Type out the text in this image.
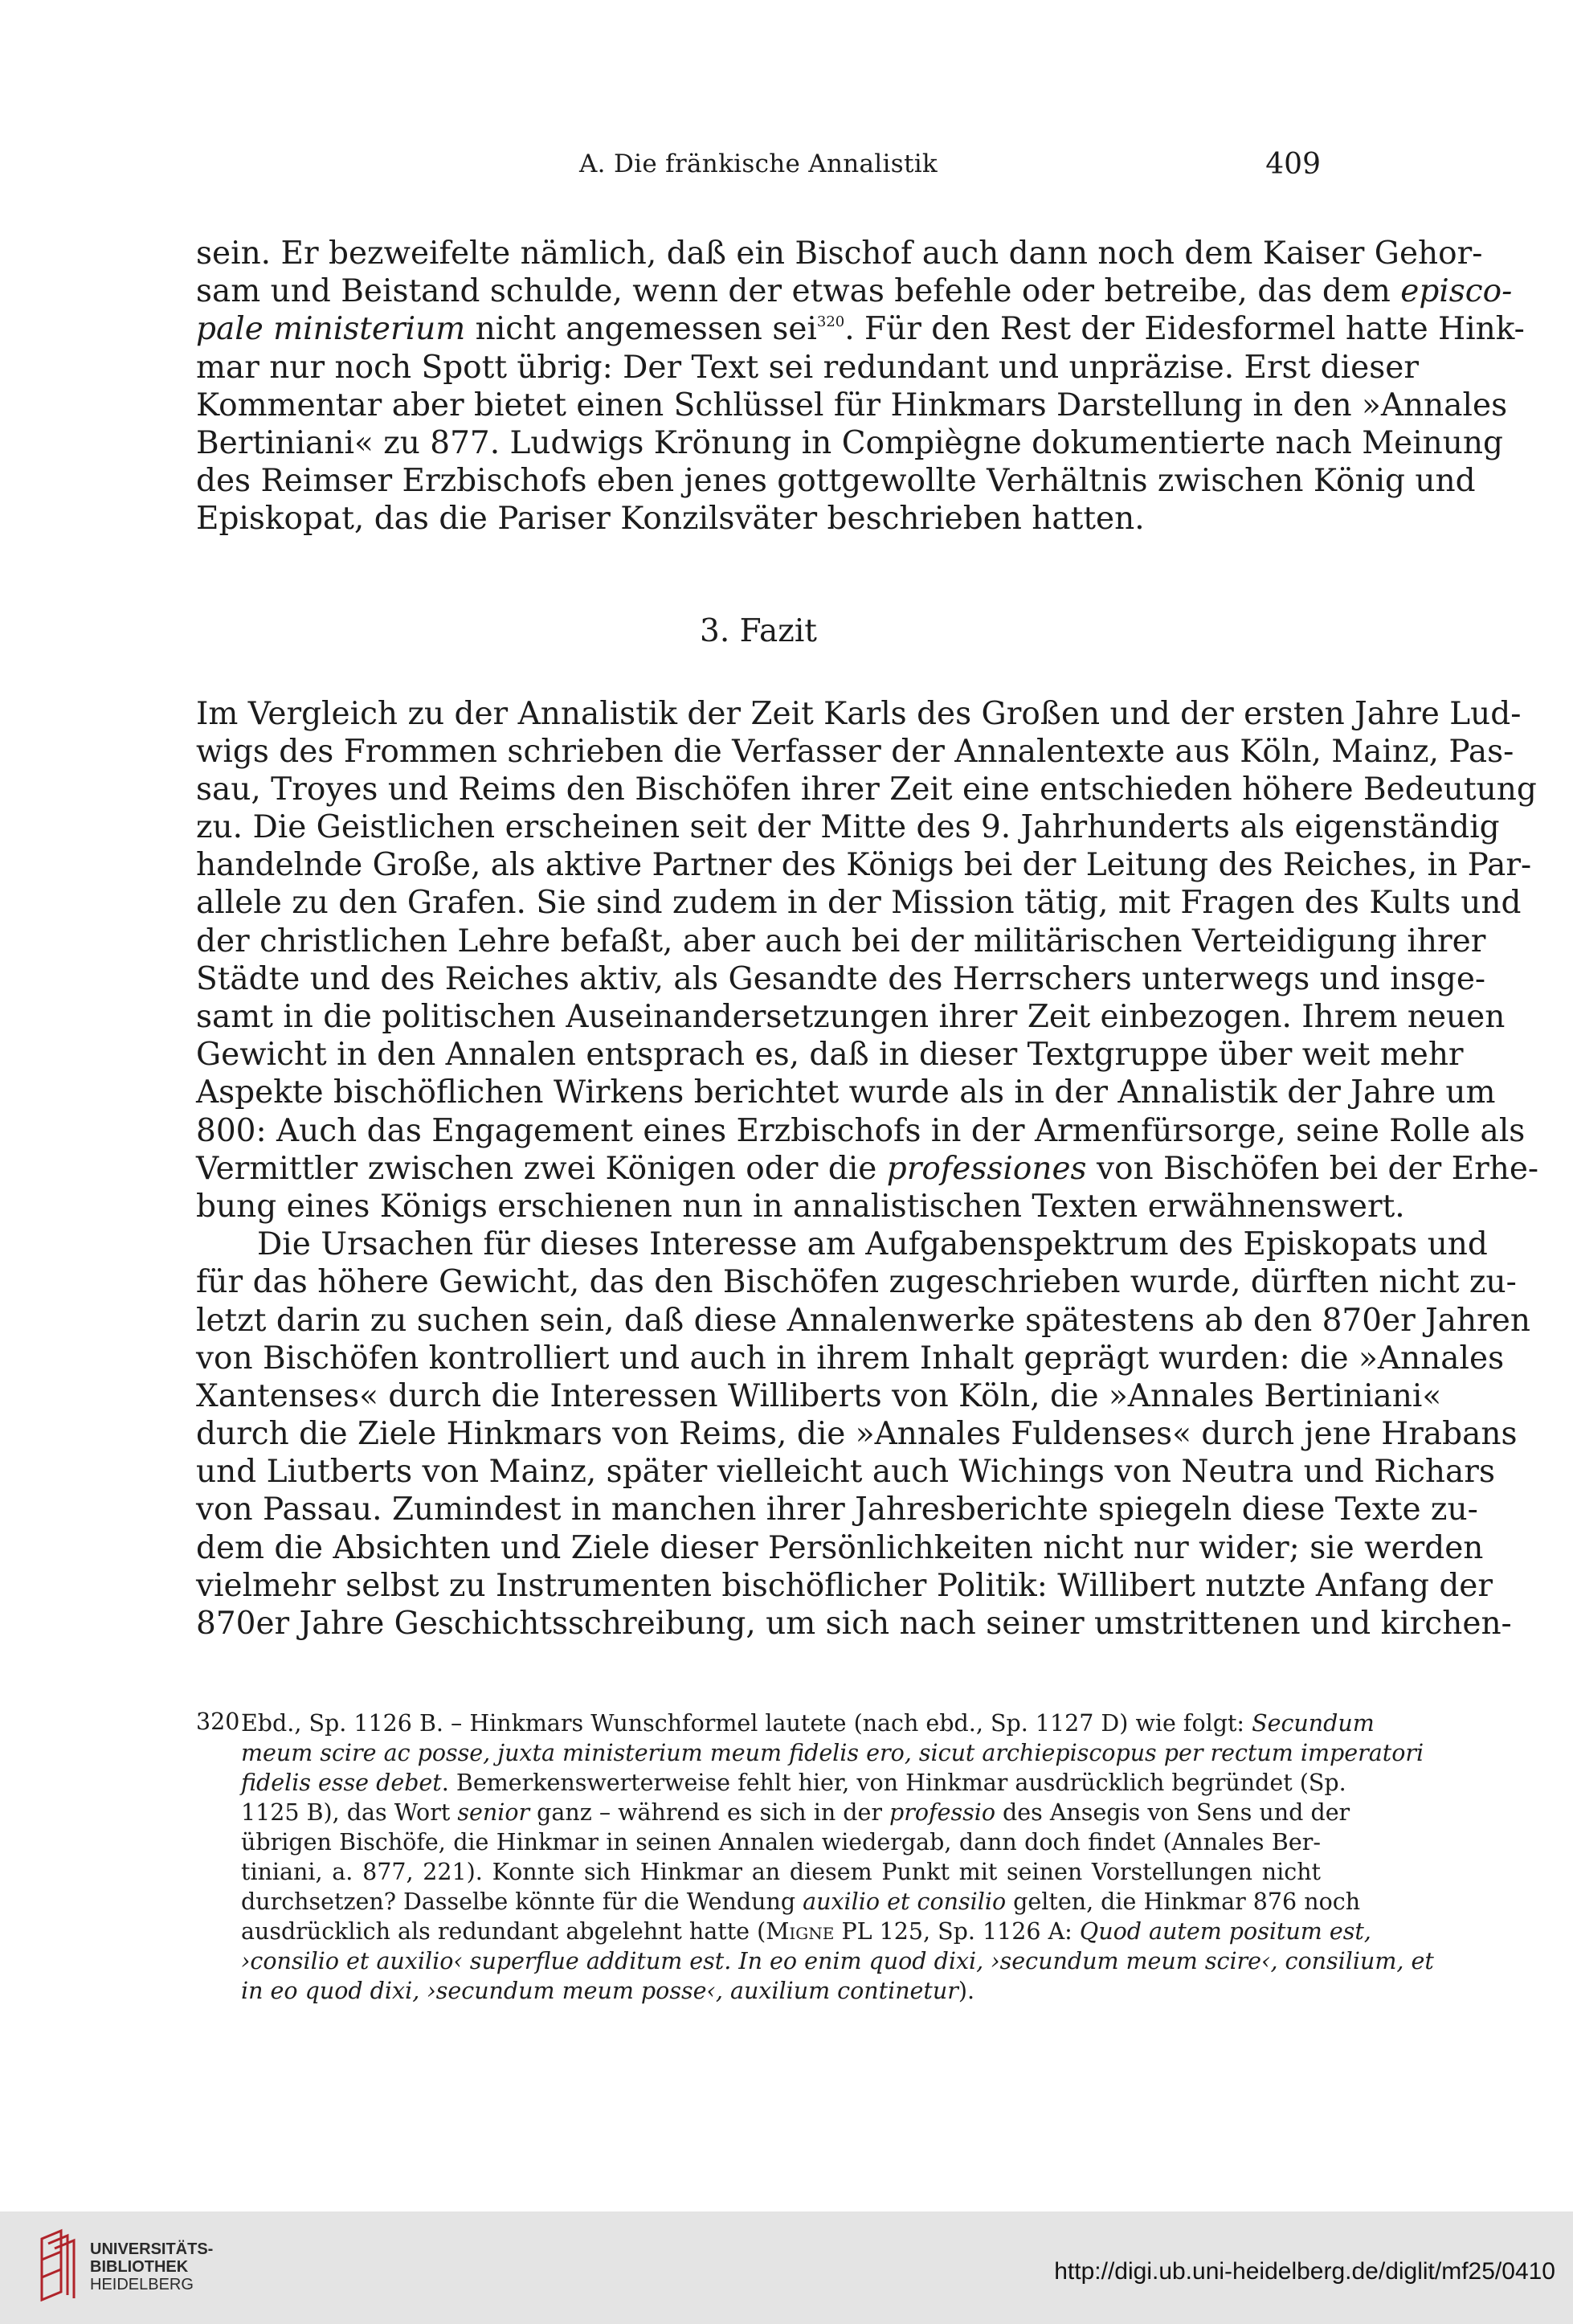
A. Die fränkische Annalistik	409
sein. Er bezweifelte nämlich, daß ein Bischof auch dann noch dem Kaiser Gehor-
sam und Beistand schulde, wenn der etwas befehle oder betreibe, das dem episco-
pale ministerium nicht angemessen sei$^{320}$. Für den Rest der Eidesformel hatte Hink-
mar nur noch Spott übrig: Der Text sei redundant und unpräzise. Erst dieser
Kommentar aber bietet einen Schlüssel für Hinkmars Darstellung in den »Annales
Bertiniani« zu 877. Ludwigs Krönung in Compiègne dokumentierte nach Meinung
des Reimser Erzbischofs eben jenes gottgewollte Verhältnis zwischen König und
Episkopat, das die Pariser Konzilsväter beschrieben hatten.
3. Fazit
Im Vergleich zu der Annalistik der Zeit Karls des Großen und der ersten Jahre Lud-
wigs des Frommen schrieben die Verfasser der Annalentexte aus Köln, Mainz, Pas-
sau, Troyes und Reims den Bischöfen ihrer Zeit eine entschieden höhere Bedeutung
zu. Die Geistlichen erscheinen seit der Mitte des 9. Jahrhunderts als eigenständig
handelnde Große, als aktive Partner des Königs bei der Leitung des Reiches, in Par-
allele zu den Grafen. Sie sind zudem in der Mission tätig, mit Fragen des Kults und
der christlichen Lehre befaßt, aber auch bei der militärischen Verteidigung ihrer
Städte und des Reiches aktiv, als Gesandte des Herrschers unterwegs und insge-
samt in die politischen Auseinandersetzungen ihrer Zeit einbezogen. Ihrem neuen
Gewicht in den Annalen entsprach es, daß in dieser Textgruppe über weit mehr
Aspekte bischöflichen Wirkens berichtet wurde als in der Annalistik der Jahre um
800: Auch das Engagement eines Erzbischofs in der Armenfürsorge, seine Rolle als
Vermittler zwischen zwei Königen oder die professiones von Bischöfen bei der Erhe-
bung eines Königs erschienen nun in annalistischen Texten erwähnenswert.
Die Ursachen für dieses Interesse am Aufgabenspektrum des Episkopats und
für das höhere Gewicht, das den Bischöfen zugeschrieben wurde, dürften nicht zu-
letzt darin zu suchen sein, daß diese Annalenwerke spätestens ab den 870er Jahren
von Bischöfen kontrolliert und auch in ihrem Inhalt geprägt wurden: die »Annales
Xantenses« durch die Interessen Williberts von Köln, die »Annales Bertiniani«
durch die Ziele Hinkmars von Reims, die »Annales Fuldenses« durch jene Hrabans
und Liutberts von Mainz, später vielleicht auch Wichings von Neutra und Richars
von Passau. Zumindest in manchen ihrer Jahresberichte spiegeln diese Texte zu-
dem die Absichten und Ziele dieser Persönlichkeiten nicht nur wider; sie werden
vielmehr selbst zu Instrumenten bischöflicher Politik: Willibert nutzte Anfang der
870er Jahre Geschichtsschreibung, um sich nach seiner umstrittenen und kirchen-
320 Ebd., Sp. 1126 B. – Hinkmars Wunschformel lautete (nach ebd., Sp. 1127 D) wie folgt: Secundum
meum scire ac posse, juxta ministerium meum fidelis ero, sicut archiepiscopus per rectum imperatori
fidelis esse debet. Bemerkenswerterweise fehlt hier, von Hinkmar ausdrücklich begründet (Sp.
1125 B), das Wort senior ganz – während es sich in der professio des Ansegis von Sens und der
übrigen Bischöfe, die Hinkmar in seinen Annalen wiedergab, dann doch findet (Annales Ber-
tiniani, a. 877, 221). Konnte sich Hinkmar an diesem Punkt mit seinen Vorstellungen nicht
durchsetzen? Dasselbe könnte für die Wendung auxilio et consilio gelten, die Hinkmar 876 noch
ausdrücklich als redundant abgelehnt hatte (Migne PL 125, Sp. 1126 A: Quod autem positum est,
›consilio et auxilio‹ superflue additum est. In eo enim quod dixi, ›secundum meum scire‹, consilium, et
in eo quod dixi, ›secundum meum posse‹, auxilium continetur).
UNIVERSITÄTS-
BIBLIOTHEK
HEIDELBERG	http://digi.ub.uni-heidelberg.de/diglit/mf25/0410
